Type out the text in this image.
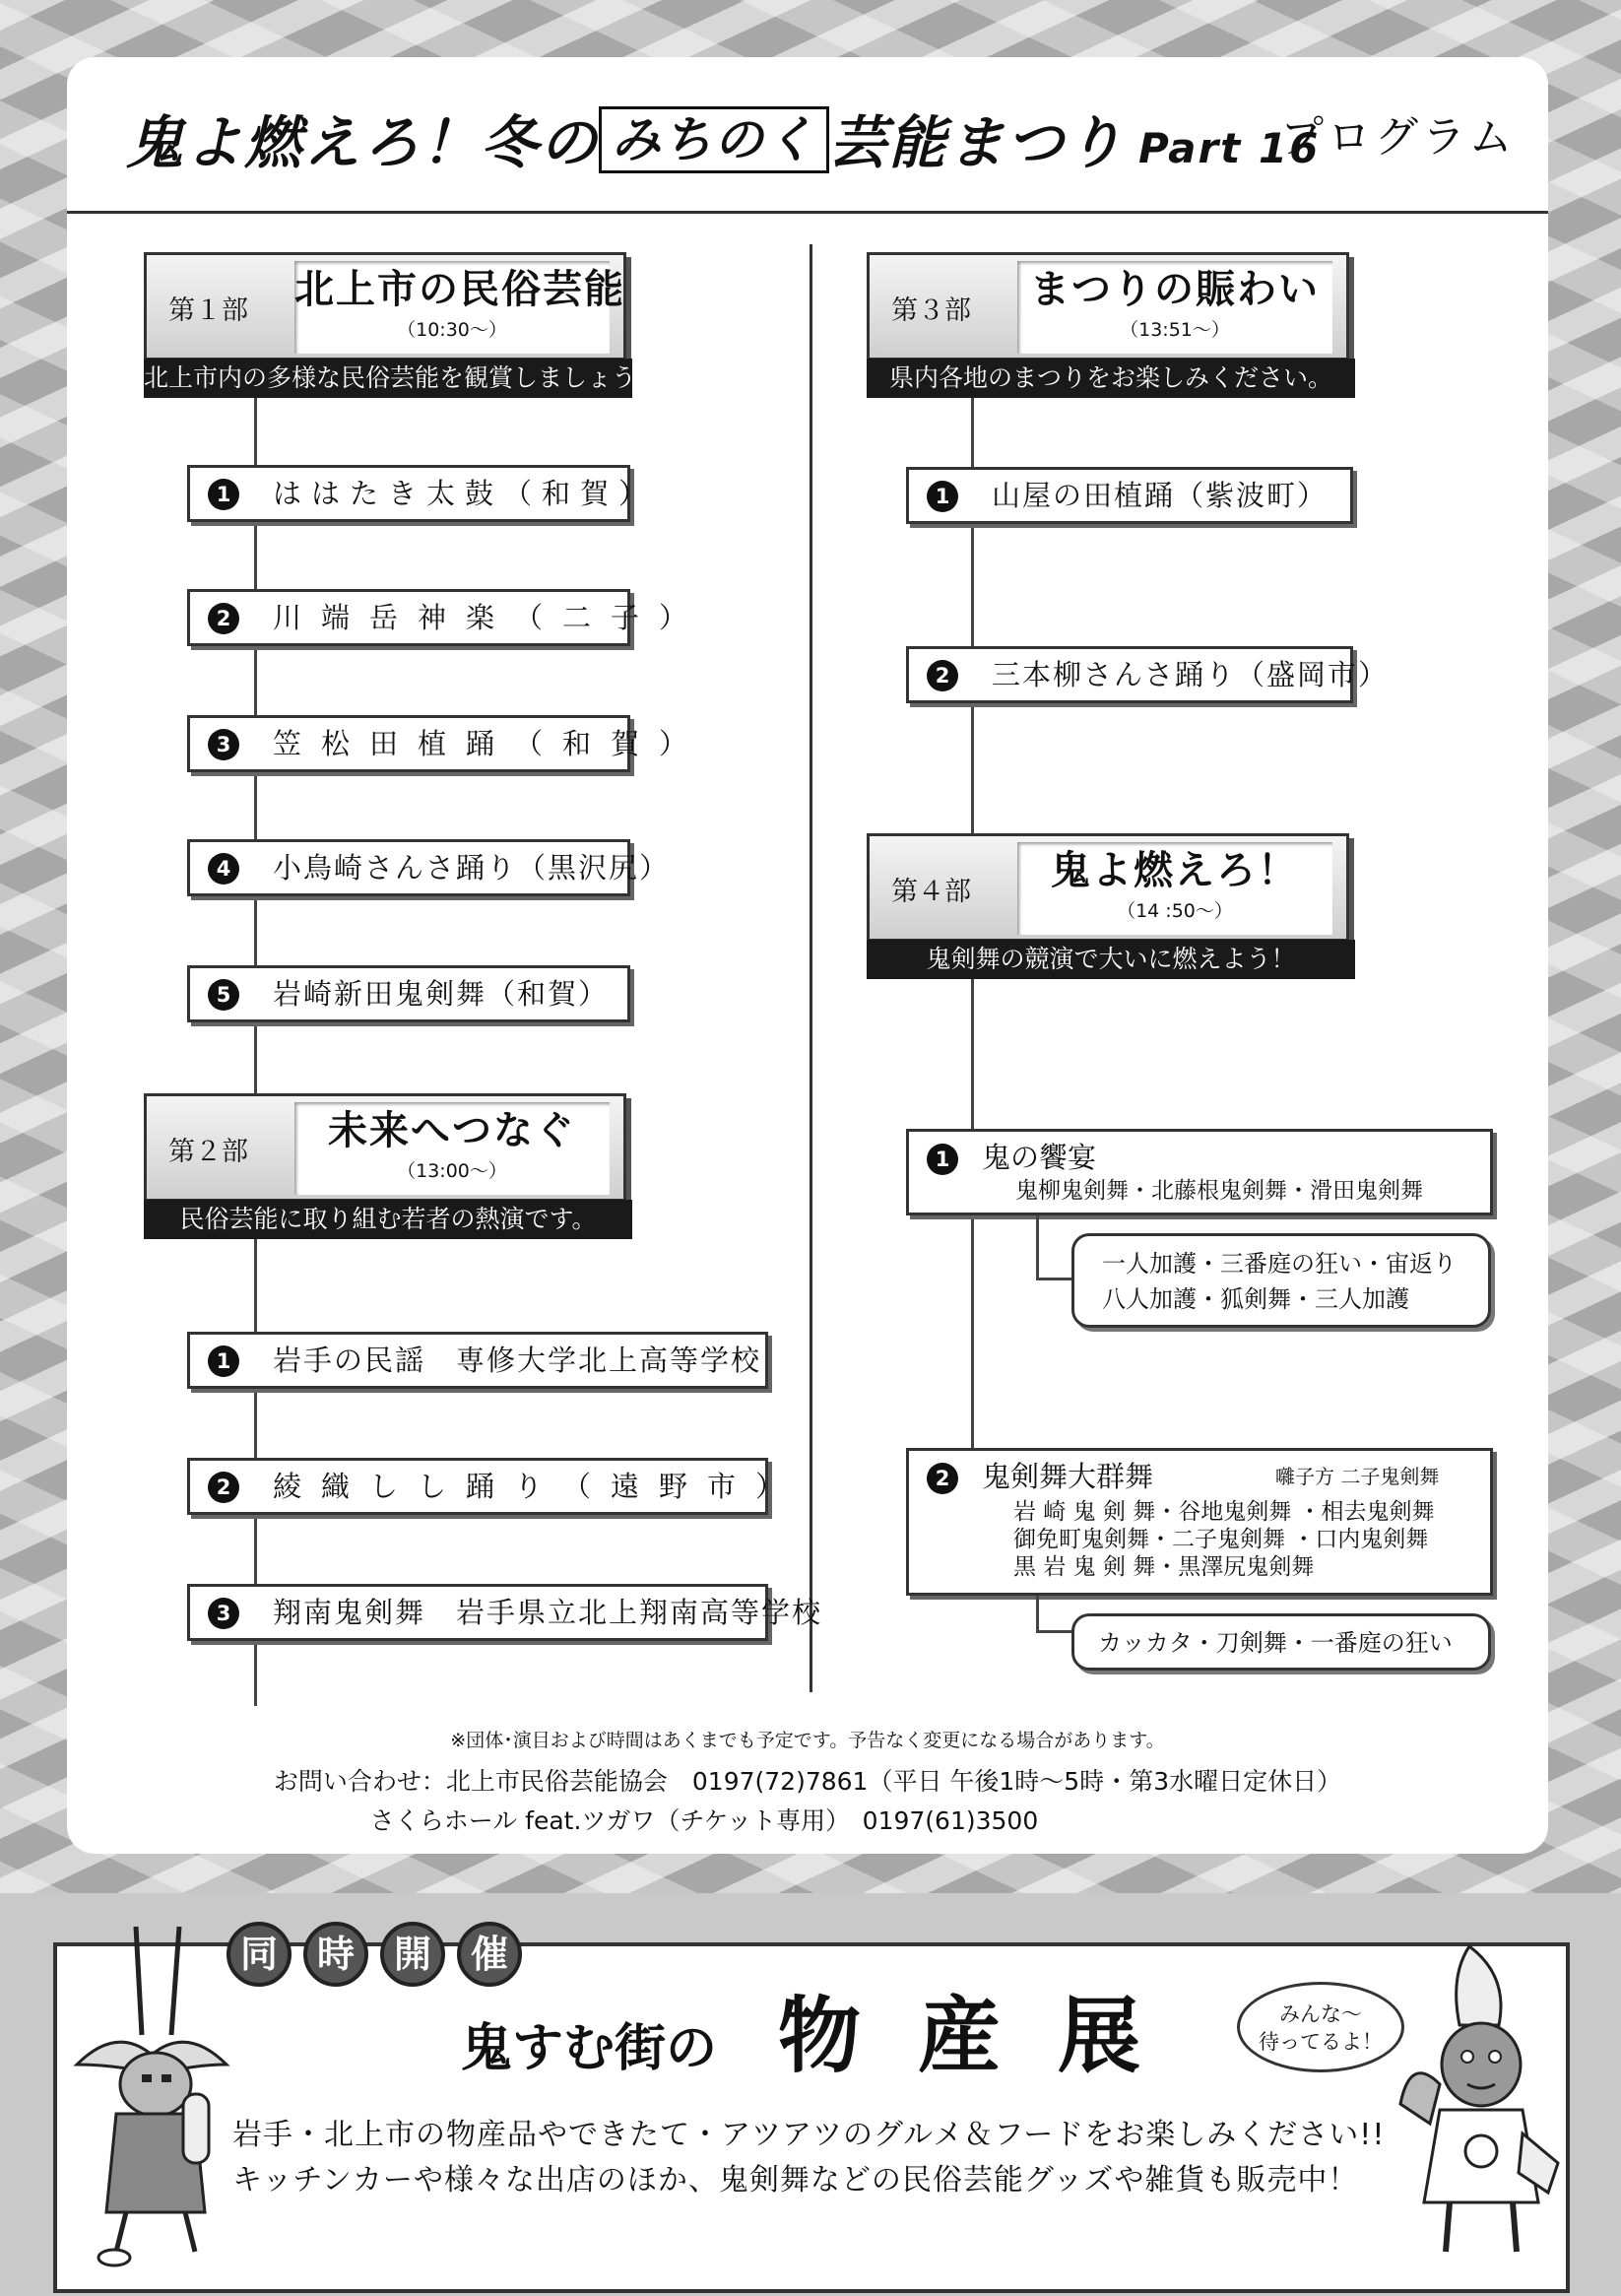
鬼よ燃えろ！冬の みちのく 芸能まつり Part 16
プログラム
第１部 北上市の民俗芸能
（10:30〜）
北上市内の多様な民俗芸能を観賞しましょう。
1 ははたき太鼓（和賀）
2 川端岳神楽（二子）
3 笠松田植踊（和賀）
4 小鳥崎さんさ踊り（黒沢尻）
5 岩崎新田鬼剣舞（和賀）
第２部	未来へつなぐ
（13:00〜）
民俗芸能に取り組む若者の熱演です。
1 岩手の民謡　専修大学北上高等学校
2 綾織しし踊り（遠野市）
3 翔南鬼剣舞　岩手県立北上翔南高等学校
第３部	まつりの賑わい
（13:51〜）
県内各地のまつりをお楽しみください。
1 山屋の田植踊（紫波町）
2 三本柳さんさ踊り（盛岡市）
第４部	鬼よ燃えろ！
（14 :50〜）
鬼剣舞の競演で大いに燃えよう！
1 鬼の饗宴
鬼柳鬼剣舞・北藤根鬼剣舞・滑田鬼剣舞
一人加護・三番庭の狂い・宙返り
八人加護・狐剣舞・三人加護
2 鬼剣舞大群舞	囃子方 二子鬼剣舞
岩 崎 鬼 剣 舞・谷地鬼剣舞 ・相去鬼剣舞
御免町鬼剣舞・二子鬼剣舞 ・口内鬼剣舞
黒 岩 鬼 剣 舞・黒澤尻鬼剣舞
カッカタ・刀剣舞・一番庭の狂い
※団体･演目および時間はあくまでも予定です。予告なく変更になる場合があります。
お問い合わせ：北上市民俗芸能協会　0197(72)7861（平日 午後1時〜5時・第3水曜日定休日）
さくらホール feat.ツガワ（チケット専用）　0197(61)3500
同	時	開	催
鬼すむ街の 物産展
岩手・北上市の物産品やできたて・アツアツのグルメ＆フードをお楽しみください!!
キッチンカーや様々な出店のほか、鬼剣舞などの民俗芸能グッズや雑貨も販売中！
みんな〜
待ってるよ！
